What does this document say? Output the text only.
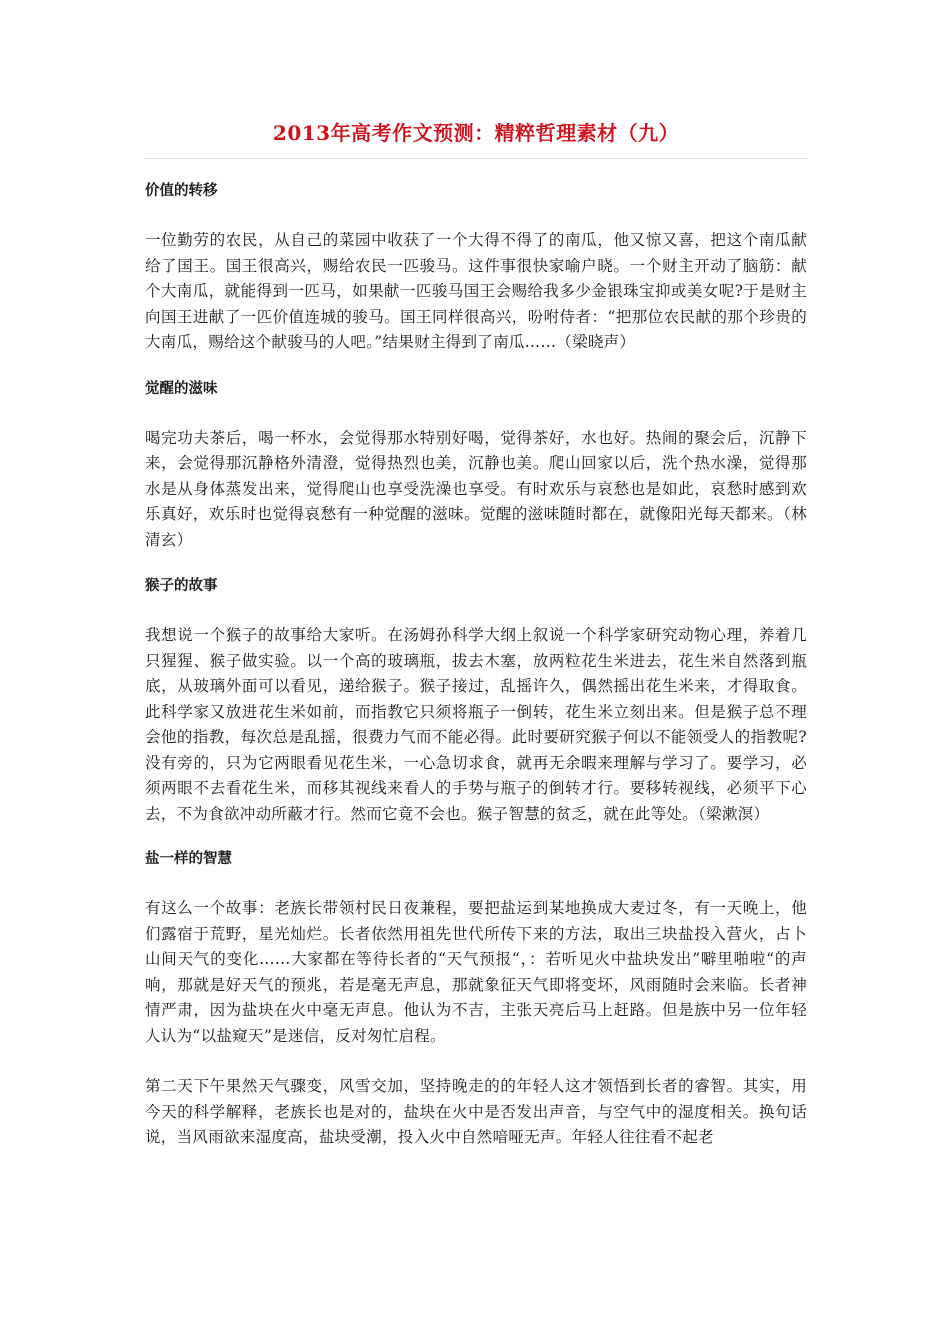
2013年高考作文预测：精粹哲理素材（九）
价值的转移

一位勤劳的农民，从自己的菜园中收获了一个大得不得了的南瓜，他又惊又喜，把这个南瓜献给了国王。国王很高兴，赐给农民一匹骏马。这件事很快家喻户晓。一个财主开动了脑筋：献个大南瓜，就能得到一匹马，如果献一匹骏马国王会赐给我多少金银珠宝抑或美女呢?于是财主向国王进献了一匹价值连城的骏马。国王同样很高兴，吩咐侍者：“把那位农民献的那个珍贵的大南瓜，赐给这个献骏马的人吧。”结果财主得到了南瓜……（梁晓声）

觉醒的滋味

喝完功夫茶后，喝一杯水，会觉得那水特别好喝，觉得茶好，水也好。热闹的聚会后，沉静下来，会觉得那沉静格外清澄，觉得热烈也美，沉静也美。爬山回家以后，洗个热水澡，觉得那水是从身体蒸发出来，觉得爬山也享受洗澡也享受。有时欢乐与哀愁也是如此，哀愁时感到欢乐真好，欢乐时也觉得哀愁有一种觉醒的滋味。觉醒的滋味随时都在，就像阳光每天都来。（林清玄）

猴子的故事

我想说一个猴子的故事给大家听。在汤姆孙科学大纲上叙说一个科学家研究动物心理，养着几只猩猩、猴子做实验。以一个高的玻璃瓶，拔去木塞，放两粒花生米进去，花生米自然落到瓶底，从玻璃外面可以看见，递给猴子。猴子接过，乱摇许久，偶然摇出花生米来，才得取食。此科学家又放进花生米如前，而指教它只须将瓶子一倒转，花生米立刻出来。但是猴子总不理会他的指教，每次总是乱摇，很费力气而不能必得。此时要研究猴子何以不能领受人的指教呢?没有旁的，只为它两眼看见花生米，一心急切求食，就再无余暇来理解与学习了。要学习，必须两眼不去看花生米，而移其视线来看人的手势与瓶子的倒转才行。要移转视线，必须平下心去，不为食欲冲动所蔽才行。然而它竟不会也。猴子智慧的贫乏，就在此等处。（梁漱溟）

盐一样的智慧

有这么一个故事：老族长带领村民日夜兼程，要把盐运到某地换成大麦过冬，有一天晚上，他们露宿于荒野，星光灿烂。长者依然用祖先世代所传下来的方法，取出三块盐投入营火，占卜山间天气的变化……大家都在等待长者的“天气预报“，：若听见火中盐块发出”噼里啪啦“的声响，那就是好天气的预兆，若是毫无声息，那就象征天气即将变坏，风雨随时会来临。长者神情严肃，因为盐块在火中毫无声息。他认为不吉，主张天亮后马上赶路。但是族中另一位年轻人认为“以盐窥天”是迷信，反对匆忙启程。

第二天下午果然天气骤变，风雪交加，坚持晚走的的年轻人这才领悟到长者的睿智。其实，用今天的科学解释，老族长也是对的，盐块在火中是否发出声音，与空气中的湿度相关。换句话说，当风雨欲来湿度高，盐块受潮，投入火中自然喑哑无声。年轻人往往看不起老
